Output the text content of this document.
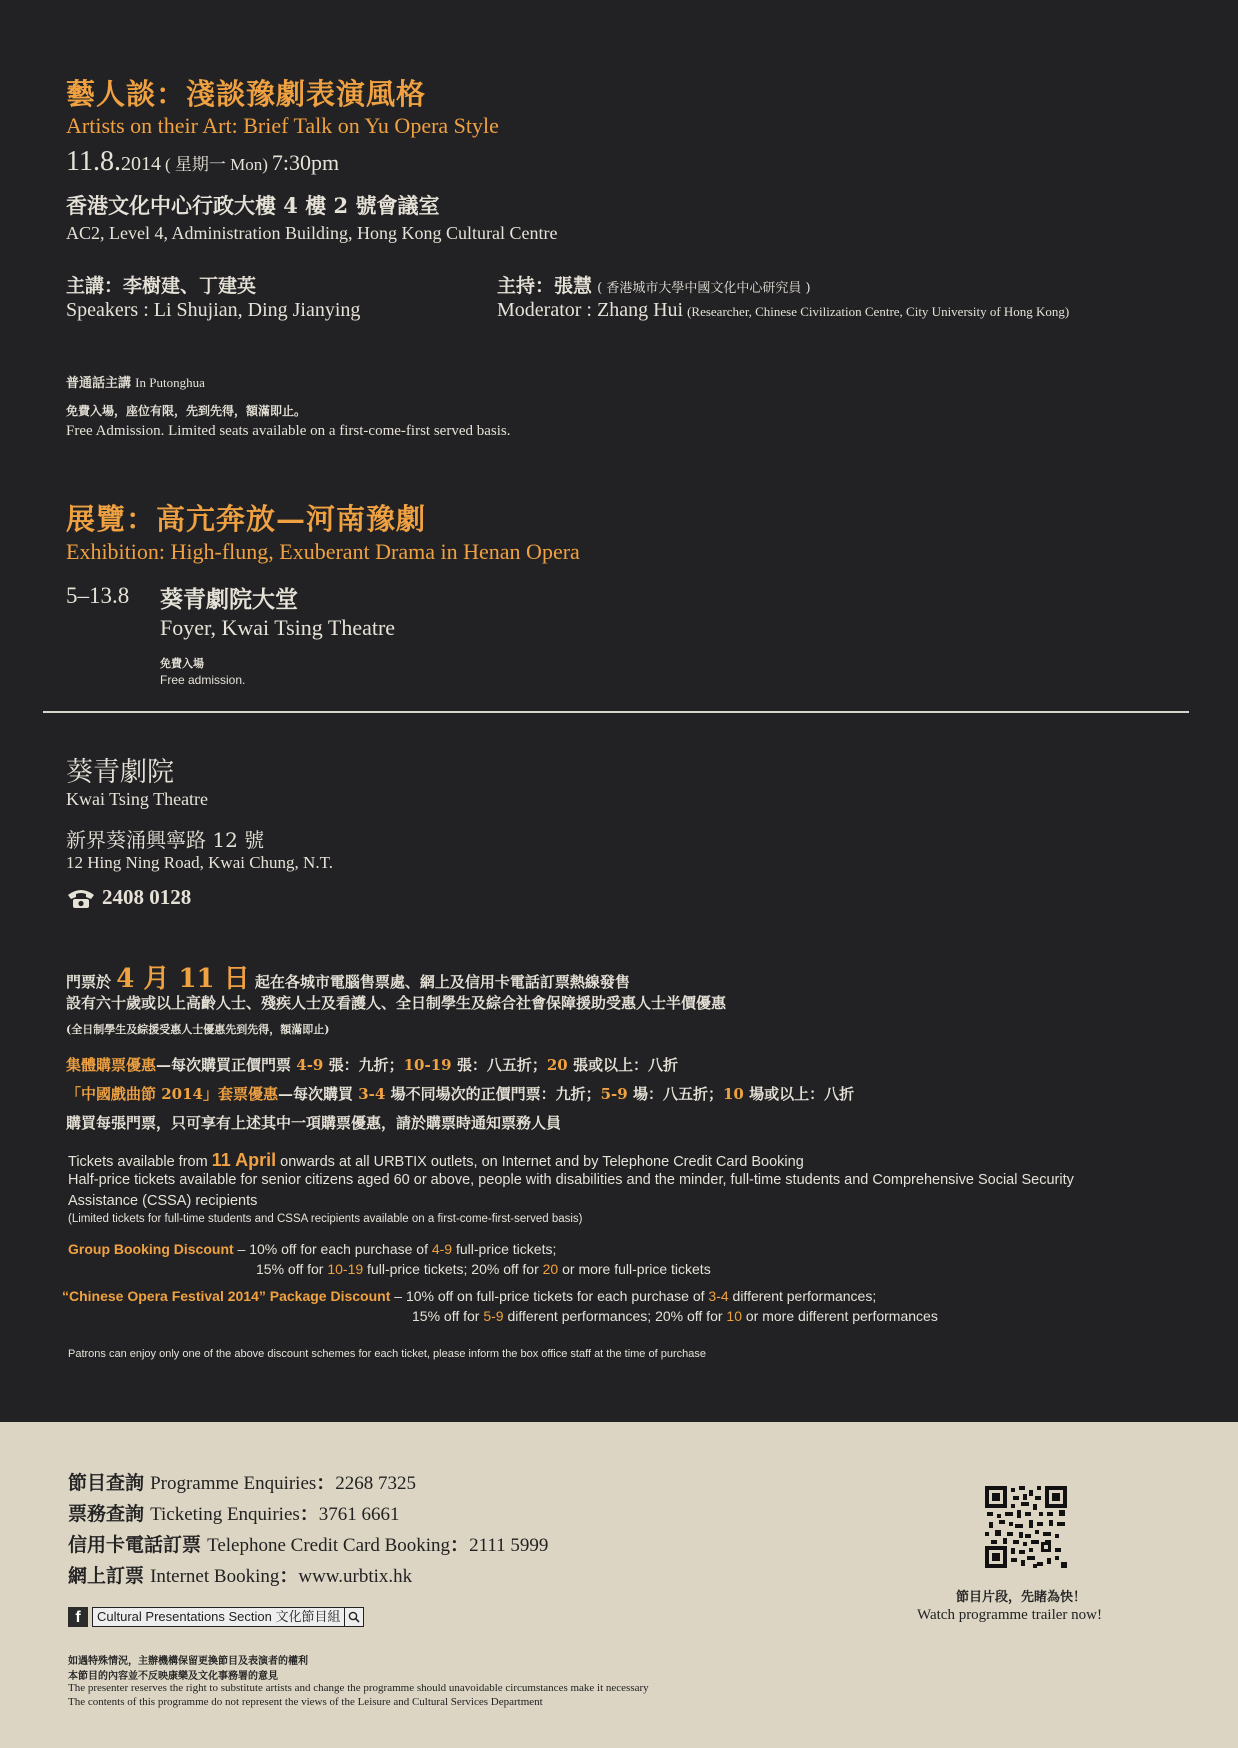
藝人談：淺談豫劇表演風格
Artists on their Art: Brief Talk on Yu Opera Style
11.8.2014 ( 星期一 Mon) 7:30pm
香港文化中心行政大樓 4 樓 2 號會議室
AC2, Level 4, Administration Building, Hong Kong Cultural Centre
主講：李樹建、丁建英
Speakers : Li Shujian, Ding Jianying
主持：張慧 ( 香港城市大學中國文化中心研究員 )
Moderator : Zhang Hui (Researcher, Chinese Civilization Centre, City University of Hong Kong)
普通話主講 In Putonghua
免費入場，座位有限，先到先得，額滿即止。
Free Admission. Limited seats available on a first-come-first served basis.
展覽：高亢奔放—河南豫劇
Exhibition: High-flung, Exuberant Drama in Henan Opera
5–13.8 葵青劇院大堂
Foyer, Kwai Tsing Theatre
免費入場
Free admission.
葵青劇院
Kwai Tsing Theatre
新界葵涌興寧路 12 號
12 Hing Ning Road, Kwai Chung, N.T.
2408 0128
門票於 4 月 11 日 起在各城市電腦售票處、網上及信用卡電話訂票熱線發售
設有六十歲或以上高齡人士、殘疾人士及看護人、全日制學生及綜合社會保障援助受惠人士半價優惠
(全日制學生及綜援受惠人士優惠先到先得，額滿即止)
集體購票優惠—每次購買正價門票 4-9 張：九折；10-19 張：八五折；20 張或以上：八折
「中國戲曲節 2014」套票優惠—每次購買 3-4 場不同場次的正價門票：九折；5-9 場：八五折；10 場或以上：八折
購買每張門票，只可享有上述其中一項購票優惠，請於購票時通知票務人員
Tickets available from 11 April onwards at all URBTIX outlets, on Internet and by Telephone Credit Card Booking
Half-price tickets available for senior citizens aged 60 or above, people with disabilities and the minder, full-time students and Comprehensive Social Security
Assistance (CSSA) recipients
(Limited tickets for full-time students and CSSA recipients available on a first-come-first-served basis)
Group Booking Discount – 10% off for each purchase of 4-9 full-price tickets;
15% off for 10-19 full-price tickets; 20% off for 20 or more full-price tickets
“Chinese Opera Festival 2014” Package Discount – 10% off on full-price tickets for each purchase of 3-4 different performances;
15% off for 5-9 different performances; 20% off for 10 or more different performances
Patrons can enjoy only one of the above discount schemes for each ticket, please inform the box office staff at the time of purchase
節目查詢 Programme Enquiries：2268 7325
票務查詢 Ticketing Enquiries：3761 6661
信用卡電話訂票 Telephone Credit Card Booking：2111 5999
網上訂票 Internet Booking：www.urbtix.hk
f	Cultural Presentations Section 文化節目組
節目片段，先睹為快！
Watch programme trailer now!
如遇特殊情況，主辦機構保留更換節目及表演者的權利
本節目的內容並不反映康樂及文化事務署的意見
The presenter reserves the right to substitute artists and change the programme should unavoidable circumstances make it necessary
The contents of this programme do not represent the views of the Leisure and Cultural Services Department
